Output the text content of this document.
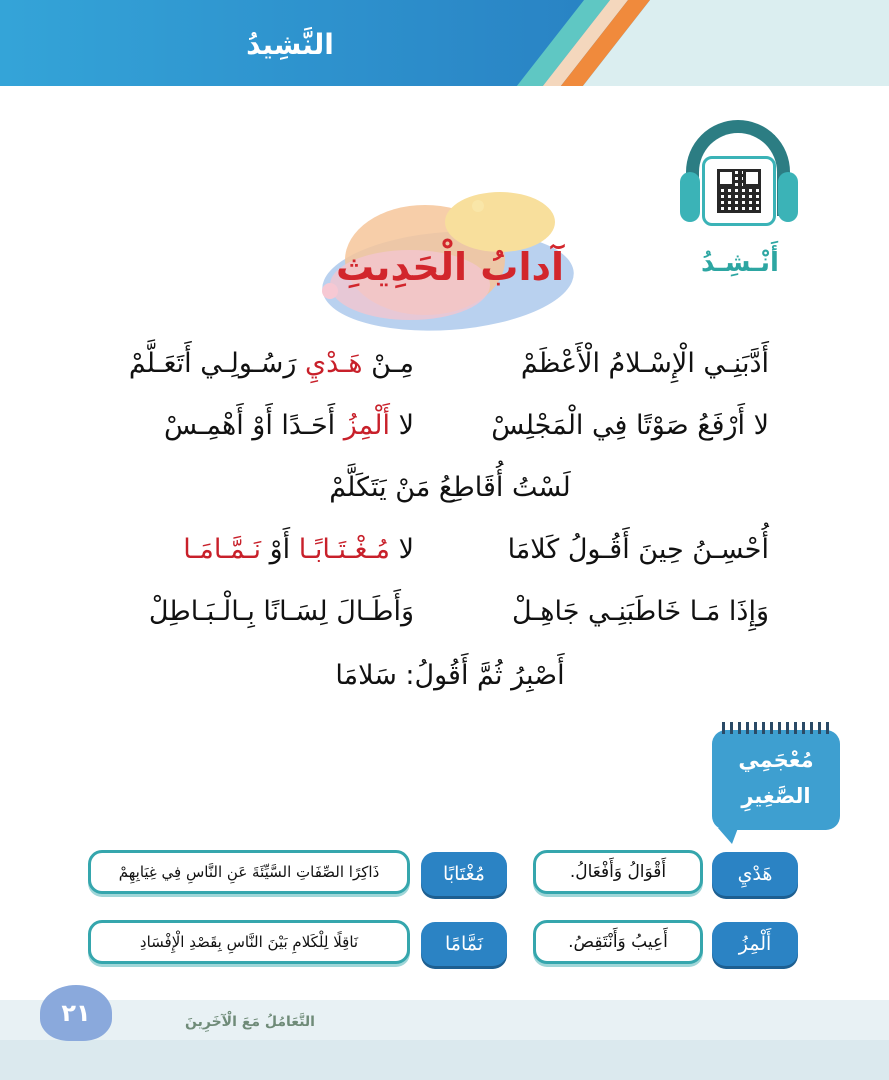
النَّشِيدُ
أَنْـشِـدُ
آدابُ الْحَدِيثِ
أَدَّبَنِـي الْإِسْـلامُ الْأَعْظَمْ
مِـنْ هَـدْيِ رَسُـولِـي أَتَعَـلَّمْ
لا أَرْفَعُ صَوْتًا فِي الْمَجْلِسْ
لا أَلْمِزُ أَحَـدًا أَوْ أَهْمِـسْ
لَسْتُ أُقَاطِعُ مَنْ يَتَكَلَّمْ
أُحْسِـنُ حِينَ أَقُـولُ كَلامَا
لا مُـغْـتَـابًـا أَوْ نَـمَّـامَـا
وَإِذَا مَـا خَاطَبَنِـي جَاهِـلْ
وَأَطَـالَ لِسَـانًا بِـالْـبَـاطِلْ
أَصْبِرُ ثُمَّ أَقُولُ: سَلامَا
مُعْجَمِي
الصَّغِيرِ
هَدْيِ
أَقْوَالُ وَأَفْعَالُ.
مُغْتَابًا
ذَاكِرًا الصِّفَاتِ السَّيِّئَةَ عَنِ النَّاسِ فِي غِيَابِهِمْ
أَلْمِزُ
أَعِيبُ وَأَنْتَقِصُ.
نَمَّامًا
نَاقِلًا لِلْكَلامِ بَيْنَ النَّاسِ بِقَصْدِ الْإِفْسَادِ
٢١	التَّعَامُلُ مَعَ الْآخَرِينَ
